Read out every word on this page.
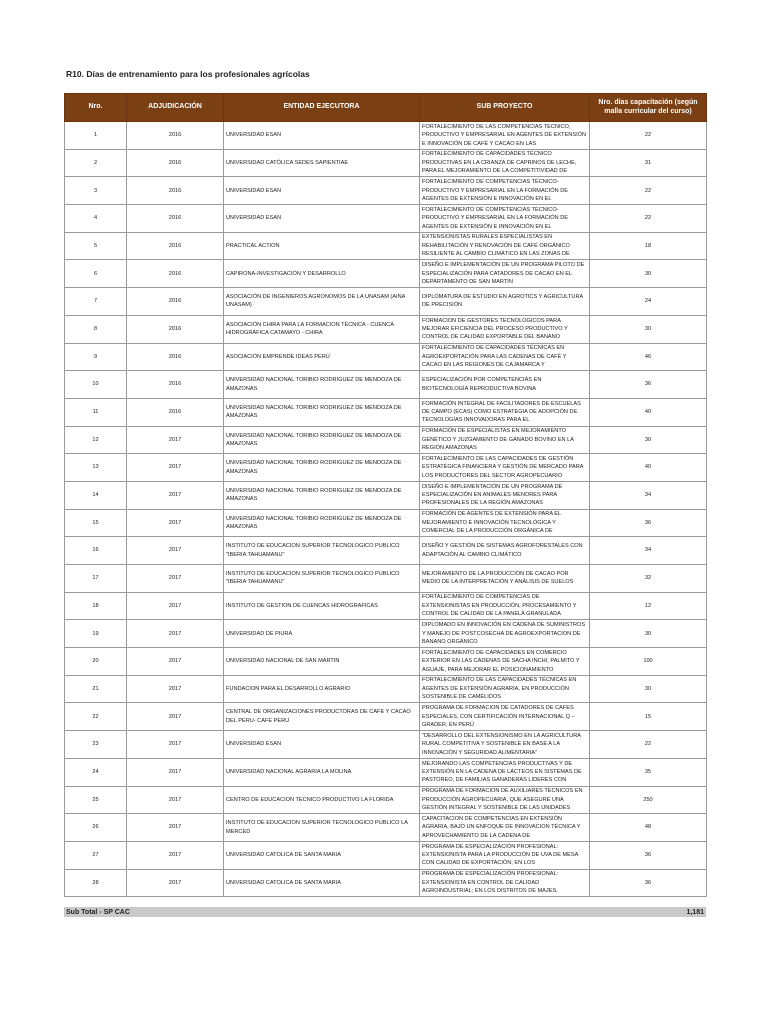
R10. Días de entrenamiento para los profesionales agrícolas
Nro.	ADJUDICACIÓN	ENTIDAD EJECUTORA	SUB PROYECTO	Nro. días capacitación (según malla curricular del curso)
1	2016	UNIVERSIDAD ESAN	FORTALECIMIENTO DE LAS COMPETENCIAS TECNICO, PRODUCTIVO Y EMPRESARIAL EN AGENTES DE EXTENSIÓN E INNOVACIÓN DE CAFÉ Y CACAO EN LAS	22
2	2016	UNIVERSIDAD CATÓLICA SEDES SAPIENTIAE	FORTALECIMIENTO DE CAPACIDADES TÉCNICO PRODUCTIVAS EN LA CRIANZA DE CAPRINOS DE LECHE, PARA EL MEJORAMIENTO DE LA COMPETITIVIDAD DE	31
3	2016	UNIVERSIDAD ESAN	FORTALECIMIENTO DE COMPETENCIAS TÉCNICO-PRODUCTIVO Y EMPRESARIAL EN LA FORMACIÓN DE AGENTES DE EXTENSIÓN E INNOVACIÓN EN EL	22
4	2016	UNIVERSIDAD ESAN	FORTALECIMIENTO DE COMPETENCIAS TÉCNICO-PRODUCTIVO Y EMPRESARIAL EN LA FORMACIÓN DE AGENTES DE EXTENSIÓN E INNOVACIÓN EN EL	22
5	2016	PRACTICAL ACTION	EXTENSIONISTAS RURALES ESPECIALISTAS EN REHABILITACIÓN Y RENOVACIÓN DE CAFÉ ORGÁNICO RESILIENTE AL CAMBIO CLIMÁTICO EN LAS ZONAS DE	18
6	2016	CAPIRONA-INVESTIGACIÓN Y DESARROLLO	DISEÑO E IMPLEMENTACIÓN DE UN PROGRAMA PILOTO DE ESPECIALIZACIÓN PARA CATADORES DE CACAO EN EL DEPARTAMENTO DE SAN MARTÍN	30
7	2016	ASOCIACIÓN DE INGENIEROS AGRONOMOS DE LA UNASAM (AINA UNASAM)	DIPLOMATURA DE ESTUDIO EN AGROTICS Y AGRICULTURA DE PRECISIÓN	24
8	2016	ASOCIACIÓN CHIRA PARA LA FORMACION TÉCNICA - CUENCA HIDROGRÁFICA CATAMAYO - CHIRA	FORMACION DE GESTORES TECNOLOGICOS PARA MEJORAR EFICIENCIA DEL PROCESO PRODUCTIVO Y CONTROL DE CALIDAD EXPORTABLE DEL BANANO	30
9	2016	ASOCIACIÓN EMPRENDE IDEAS PERÚ	FORTALECIMIENTO DE CAPACIDADES TÉCNICAS EN AGROEXPORTACIÓN PARA LAS CADENAS DE CAFÉ Y CACAO EN LAS REGIONES DE CAJAMARCA Y	46
10	2016	UNIVERSIDAD NACIONAL TORIBIO RODRIGUEZ DE MENDOZA DE AMAZONAS	ESPECIALIZACIÓN POR COMPETENCIAS EN BIOTECNOLOGÍA REPRODUCTIVA BOVINA	36
11	2016	UNIVERSIDAD NACIONAL TORIBIO RODRIGUEZ DE MENDOZA DE AMAZONAS	FORMACIÓN INTEGRAL DE FACILITADORES DE ESCUELAS DE CAMPO (ECAS) COMO ESTRATEGIA DE ADOPCIÓN DE TECNOLOGÍAS INNOVADORAS PARA EL	40
12	2017	UNIVERSIDAD NACIONAL TORIBIO RODRIGUEZ DE MENDOZA DE AMAZONAS	FORMACIÓN DE ESPECIALISTAS EN MEJORAMIENTO GENÉTICO Y JUZGAMIENTO DE GANADO BOVINO EN LA REGIÓN AMAZONAS	30
13	2017	UNIVERSIDAD NACIONAL TORIBIO RODRIGUEZ DE MENDOZA DE AMAZONAS	FORTALECIMIENTO DE LAS CAPACIDADES DE GESTIÓN ESTRATÉGICA FINANCIERA Y GESTIÓN DE MERCADO PARA LOS PRODUCTORES DEL SECTOR AGROPECUARIO	40
14	2017	UNIVERSIDAD NACIONAL TORIBIO RODRIGUEZ DE MENDOZA DE AMAZONAS	DISEÑO E IMPLEMENTACIÓN DE UN PROGRAMA DE ESPECIALIZACIÓN EN ANIMALES MENORES PARA PROFESIONALES DE LA REGIÓN AMAZONAS	34
15	2017	UNIVERSIDAD NACIONAL TORIBIO RODRIGUEZ DE MENDOZA DE AMAZONAS	FORMACIÓN DE AGENTES DE EXTENSIÓN PARA EL MEJORAMIENTO E INNOVACIÓN TECNOLÓGICA Y COMERCIAL DE LA PRODUCCIÓN ORGÁNICA DE	36
16	2017	INSTITUTO DE EDUCACION SUPERIOR TECNOLOGICO PUBLICO "IBERIA TAHUAMANU"	DISEÑO Y GESTIÓN DE SISTEMAS AGROFORESTALES CON ADAPTACIÓN AL CAMBIO CLIMÁTICO	34
17	2017	INSTITUTO DE EDUCACION SUPERIOR TECNOLOGICO PUBLICO "IBERIA TAHUAMANU"	MEJORAMIENTO DE LA PRODUCCIÓN DE CACAO POR MEDIO DE LA INTERPRETACIÓN Y ANÁLISIS DE SUELOS	32
18	2017	INSTITUTO DE GESTION DE CUENCAS HIDROGRAFICAS	FORTALECIMIENTO DE COMPETENCIAS DE EXTENSIONISTAS EN PRODUCCIÓN, PROCESAMIENTO Y CONTROL DE CALIDAD DE LA PANELA GRANULADA	12
19	2017	UNIVERSIDAD DE PIURA	DIPLOMADO EN INNOVACIÓN EN CADENA DE SUMINISTROS Y MANEJO DE POSTCOSECHA DE AGROEXPORTACION DE BANANO ORGÁNICO	30
20	2017	UNIVERSIDAD NACIONAL DE SAN MARTIN	FORTALECIMIENTO DE CAPACIDADES EN COMERCIO EXTERIOR EN LAS CADENAS DE SACHA INCHI, PALMITO Y AGUAJE, PARA MEJORAR EL POSICIONAMIENTO	100
21	2017	FUNDACION PARA EL DESARROLLO AGRARIO	FORTALECIMIENTO DE LAS CAPACIDADES TÉCNICAS EN AGENTES DE EXTENSIÓN AGRARIA, EN PRODUCCIÓN SOSTENIBLE DE CAMÉLIDOS	30
22	2017	CENTRAL DE ORGANIZACIONES PRODUCTORAS DE CAFE Y CACAO DEL PERU- CAFE PERU	PROGRAMA DE FORMACION DE CATADORES DE CAFES ESPECIALES, CON CERTIFICACIÓN INTERNACIONAL Q – GRADER, EN PERÚ	15
23	2017	UNIVERSIDAD ESAN	"DESARROLLO DEL EXTENSIONISMO EN LA AGRICULTURA RURAL COMPETITIVA Y SOSTENIBLE EN BASE A LA INNOVACIÓN Y SEGURIDAD ALIMENTARIA"	22
24	2017	UNIVERSIDAD NACIONAL AGRARIA LA MOLINA	MEJORANDO LAS COMPETENCIAS PRODUCTIVAS Y DE EXTENSIÓN EN LA CADENA DE LÁCTEOS EN SISTEMAS DE PASTOREO, DE FAMILIAS GANADERAS LIDERES CON	35
25	2017	CENTRO DE EDUCACION TECNICO PRODUCTIVO LA FLORIDA	PROGRAMA DE FORMACION DE AUXILIARES TECNICOS EN PRODUCCIÓN AGROPECUARIA, QUE ASEGURE UNA GESTIÓN INTEGRAL Y SOSTENIBLE DE LAS UNIDADES	250
26	2017	INSTITUTO DE EDUCACION SUPERIOR TECNOLOGICO PUBLICO LA MERCED	CAPACITACION DE COMPETENCIAS EN EXTENSIÓN AGRARIA, BAJO UN ENFOQUE DE INNOVACION TÉCNICA Y APROVECHAMIENTO DE LA CADENA DE	48
27	2017	UNIVERSIDAD CATOLICA DE SANTA MARIA	PROGRAMA DE ESPECIALIZACIÓN PROFESIONAL: EXTENSIONISTA PARA LA PRODUCCIÓN DE UVA DE MESA CON CALIDAD DE EXPORTACIÓN; EN LOS	36
28	2017	UNIVERSIDAD CATOLICA DE SANTA MARIA	PROGRAMA DE ESPECIALIZACIÓN PROFESIONAL: EXTENSIONISTA EN CONTROL DE CALIDAD AGROINDUSTRIAL; EN LOS DISTRITOS DE MAJES,	36
Sub Total - SP CAC	1,181
